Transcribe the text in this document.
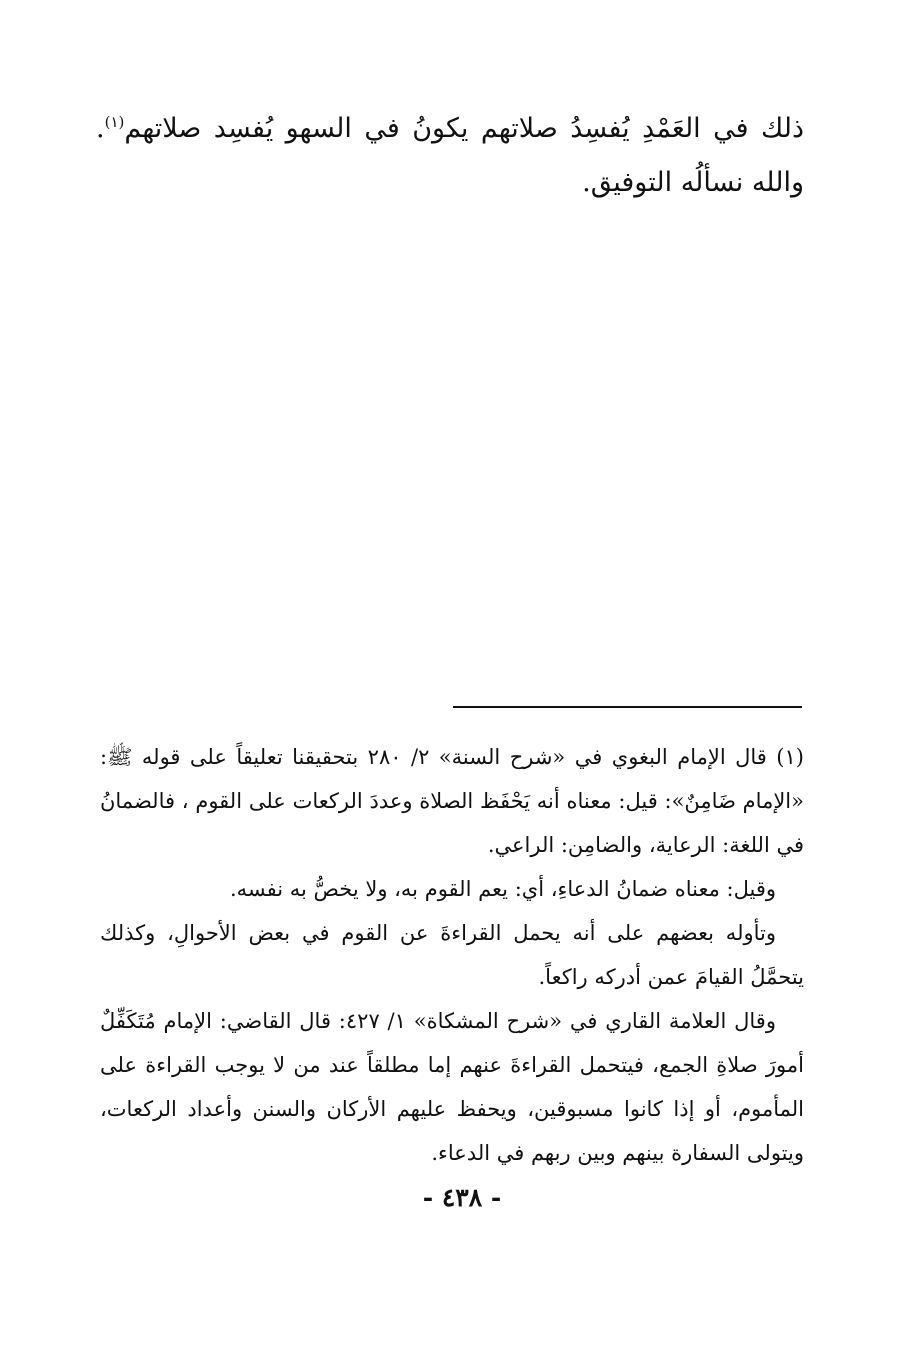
ذلك في العَمْدِ يُفسِدُ صلاتهم يكونُ في السهو يُفسِد صلاتهم$^{(١)}$. والله نسألُه التوفيق.

(١) قال الإمام البغوي في «شرح السنة» ٢/ ٢٨٠ بتحقيقنا تعليقاً على قوله ﷺ: «الإمام ضَامِنٌ»: قيل: معناه أنه يَحْفَظ الصلاة وعددَ الركعات على القوم ، فالضمانُ في اللغة: الرعاية، والضامِن: الراعي.

وقيل: معناه ضمانُ الدعاءِ، أي: يعم القوم به، ولا يخصُّ به نفسه.

وتأوله بعضهم على أنه يحمل القراءةَ عن القوم في بعض الأحوالِ، وكذلك يتحمَّلُ القيامَ عمن أدركه راكعاً.

وقال العلامة القاري في «شرح المشكاة» ١/ ٤٢٧: قال القاضي: الإمام مُتَكَفِّلٌ أمورَ صلاةِ الجمع، فيتحمل القراءةَ عنهم إما مطلقاً عند من لا يوجب القراءة على المأموم، أو إذا كانوا مسبوقين، ويحفظ عليهم الأركان والسنن وأعداد الركعات، ويتولى السفارة بينهم وبين ربهم في الدعاء.

- ٤٣٨ -
